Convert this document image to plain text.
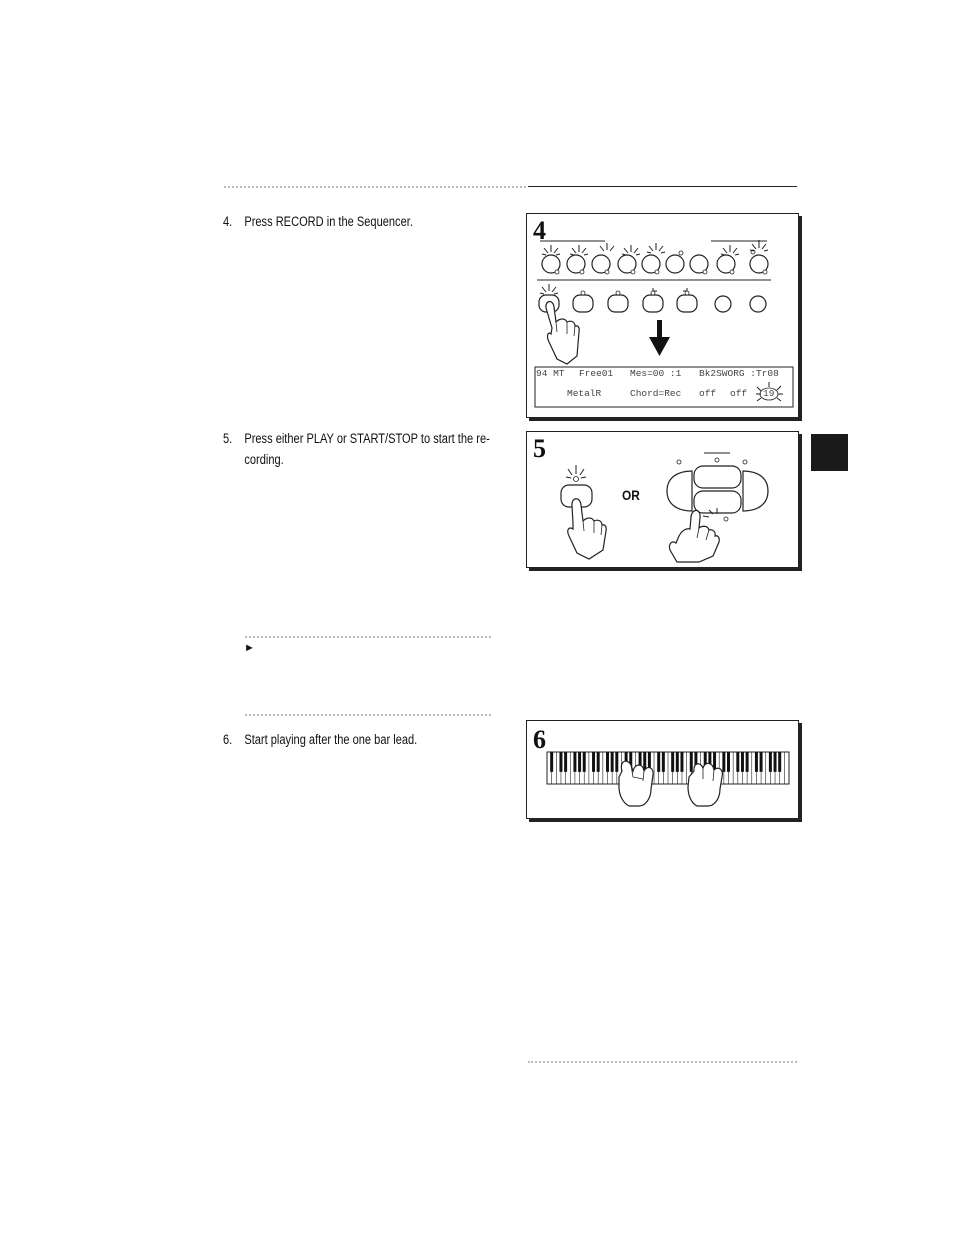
4. Press RECORD in the Sequencer.	4
94 MT Free01 Mes=00 :1 Bk2SWORG :Tr08
MetalR	Chord=Rec off off 19
5. Press either PLAY or START/STOP to start the re-
cording.	5
OR
►
6. Start playing after the one bar lead.	6
